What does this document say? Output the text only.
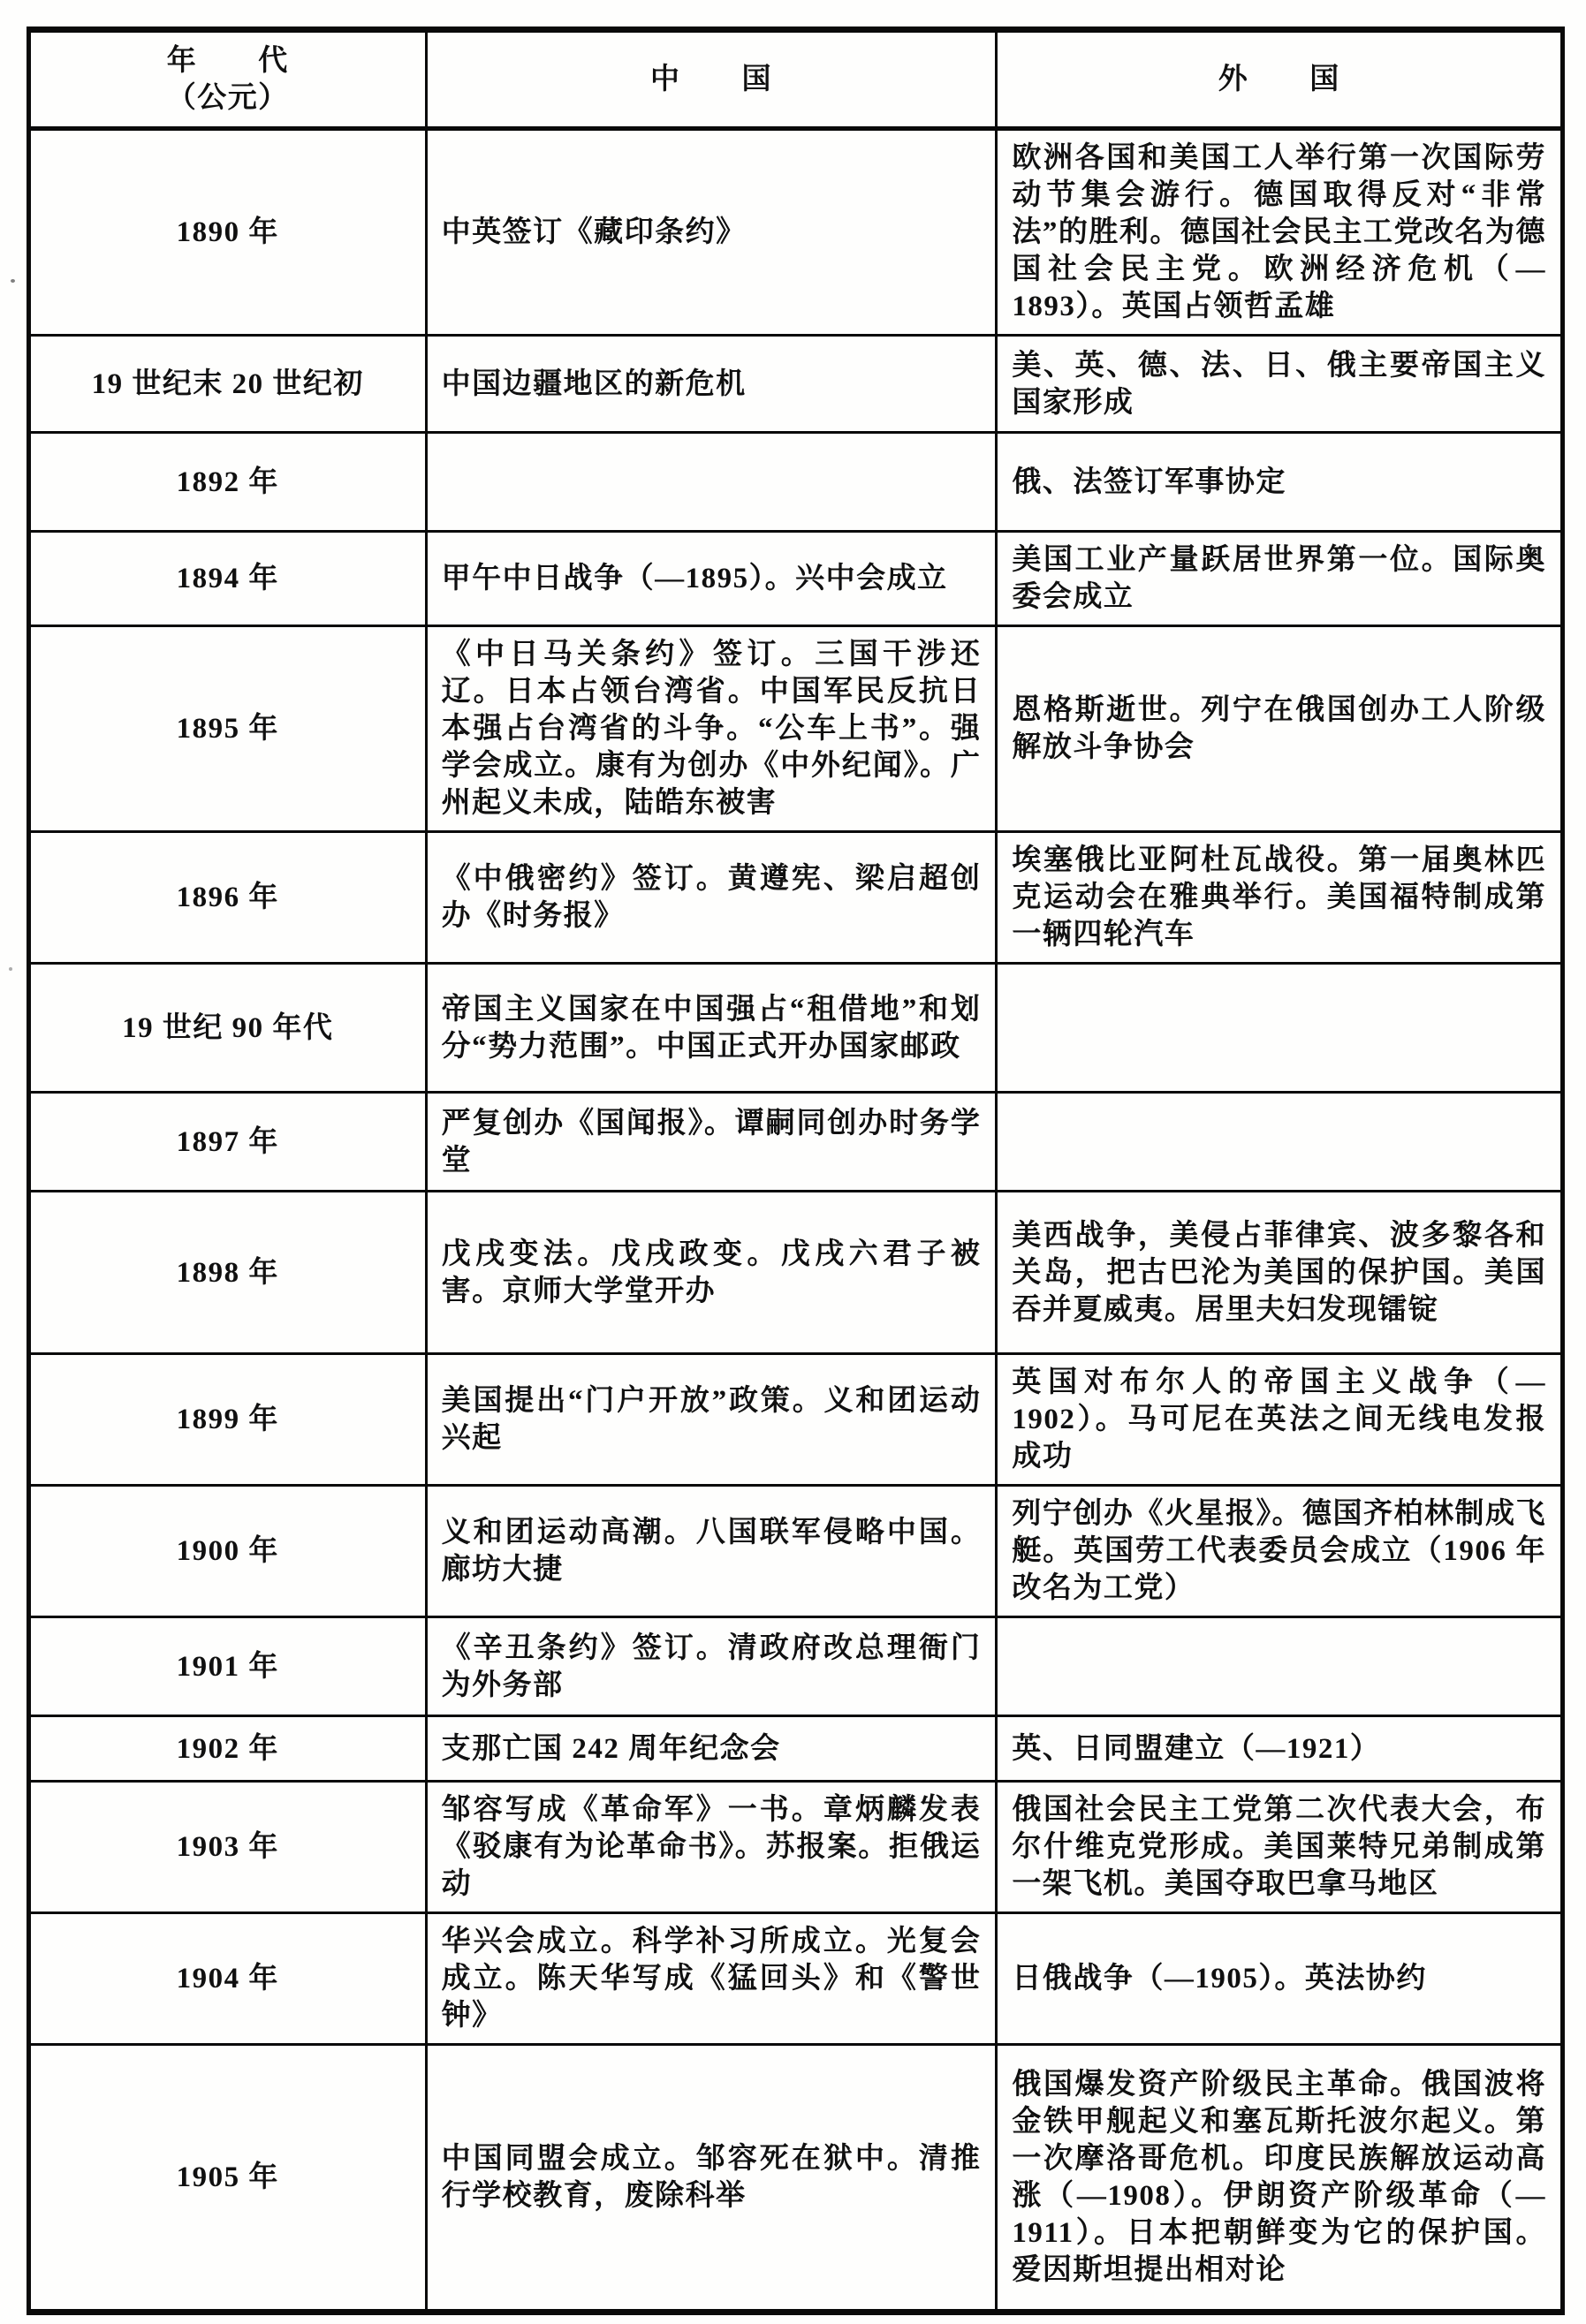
年　　代
（公元）	中　　国	外　　国
1890 年	中英签订《藏印条约》	欧洲各国和美国工人举行第一次国际劳动节集会游行。德国取得反对“非常法”的胜利。德国社会民主工党改名为德国社会民主党。欧洲经济危机（—1893）。英国占领哲孟雄
19 世纪末 20 世纪初	中国边疆地区的新危机	美、英、德、法、日、俄主要帝国主义国家形成
1892 年		俄、法签订军事协定
1894 年	甲午中日战争（—1895）。兴中会成立	美国工业产量跃居世界第一位。国际奥委会成立
1895 年	《中日马关条约》签订。三国干涉还辽。日本占领台湾省。中国军民反抗日本强占台湾省的斗争。“公车上书”。强学会成立。康有为创办《中外纪闻》。广州起义未成，陆皓东被害	恩格斯逝世。列宁在俄国创办工人阶级解放斗争协会
1896 年	《中俄密约》签订。黄遵宪、梁启超创办《时务报》	埃塞俄比亚阿杜瓦战役。第一届奥林匹克运动会在雅典举行。美国福特制成第一辆四轮汽车
19 世纪 90 年代	帝国主义国家在中国强占“租借地”和划分“势力范围”。中国正式开办国家邮政	
1897 年	严复创办《国闻报》。谭嗣同创办时务学堂	
1898 年	戊戌变法。戊戌政变。戊戌六君子被害。京师大学堂开办	美西战争，美侵占菲律宾、波多黎各和关岛，把古巴沦为美国的保护国。美国吞并夏威夷。居里夫妇发现镭锭
1899 年	美国提出“门户开放”政策。义和团运动兴起	英国对布尔人的帝国主义战争（—1902）。马可尼在英法之间无线电发报成功
1900 年	义和团运动高潮。八国联军侵略中国。廊坊大捷	列宁创办《火星报》。德国齐柏林制成飞艇。英国劳工代表委员会成立（1906 年改名为工党）
1901 年	《辛丑条约》签订。清政府改总理衙门为外务部	
1902 年	支那亡国 242 周年纪念会	英、日同盟建立（—1921）
1903 年	邹容写成《革命军》一书。章炳麟发表《驳康有为论革命书》。苏报案。拒俄运动	俄国社会民主工党第二次代表大会，布尔什维克党形成。美国莱特兄弟制成第一架飞机。美国夺取巴拿马地区
1904 年	华兴会成立。科学补习所成立。光复会成立。陈天华写成《猛回头》和《警世钟》	日俄战争（—1905）。英法协约
1905 年	中国同盟会成立。邹容死在狱中。清推行学校教育，废除科举	俄国爆发资产阶级民主革命。俄国波将金铁甲舰起义和塞瓦斯托波尔起义。第一次摩洛哥危机。印度民族解放运动高涨（—1908）。伊朗资产阶级革命（—1911）。日本把朝鲜变为它的保护国。爱因斯坦提出相对论
